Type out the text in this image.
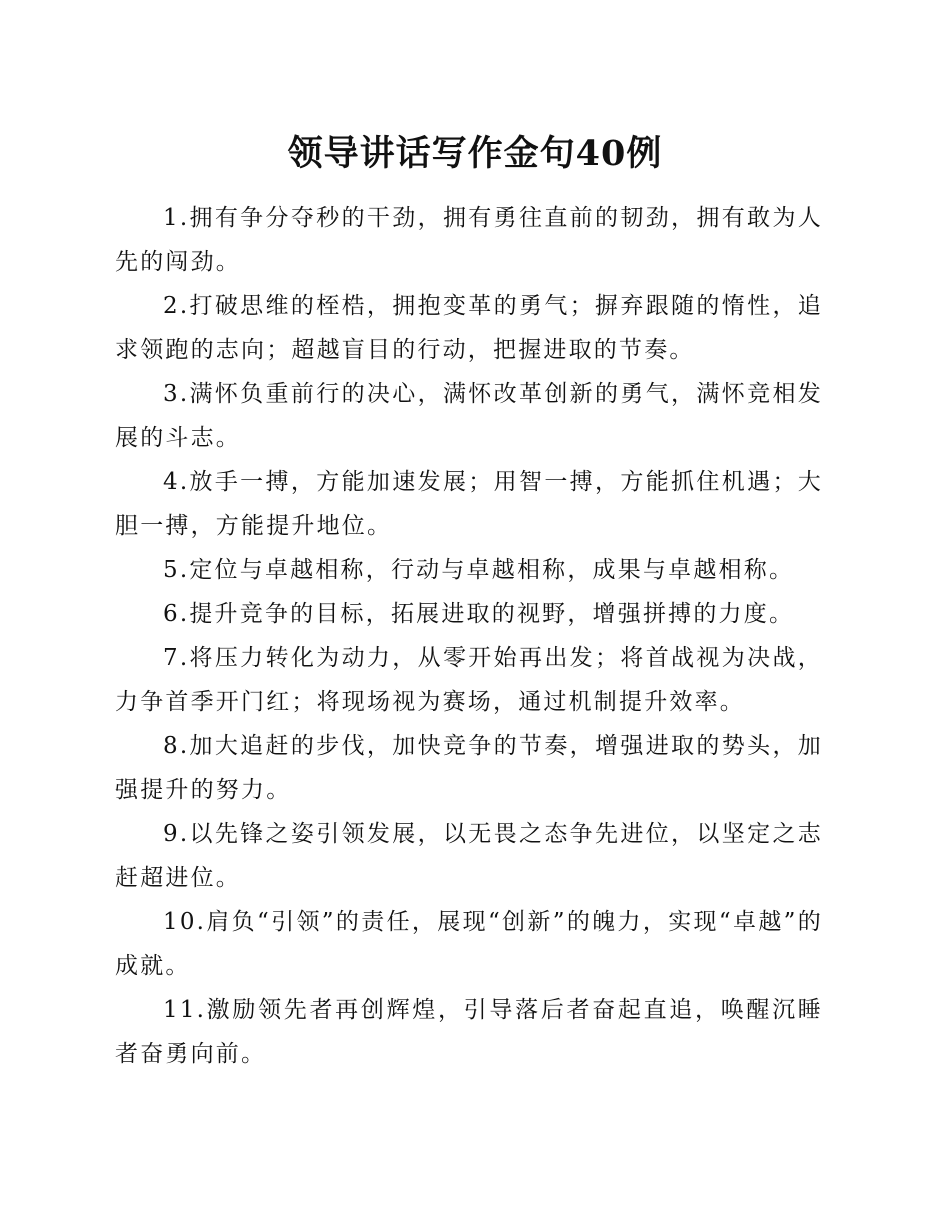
领导讲话写作金句40例

1.拥有争分夺秒的干劲，拥有勇往直前的韧劲，拥有敢为人先的闯劲。

2.打破思维的桎梏，拥抱变革的勇气；摒弃跟随的惰性，追求领跑的志向；超越盲目的行动，把握进取的节奏。

3.满怀负重前行的决心，满怀改革创新的勇气，满怀竞相发展的斗志。

4.放手一搏，方能加速发展；用智一搏，方能抓住机遇；大胆一搏，方能提升地位。

5.定位与卓越相称，行动与卓越相称，成果与卓越相称。

6.提升竞争的目标，拓展进取的视野，增强拼搏的力度。

7.将压力转化为动力，从零开始再出发；将首战视为决战，力争首季开门红；将现场视为赛场，通过机制提升效率。

8.加大追赶的步伐，加快竞争的节奏，增强进取的势头，加强提升的努力。

9.以先锋之姿引领发展，以无畏之态争先进位，以坚定之志赶超进位。

10.肩负“引领”的责任，展现“创新”的魄力，实现“卓越”的成就。

11.激励领先者再创辉煌，引导落后者奋起直追，唤醒沉睡者奋勇向前。
